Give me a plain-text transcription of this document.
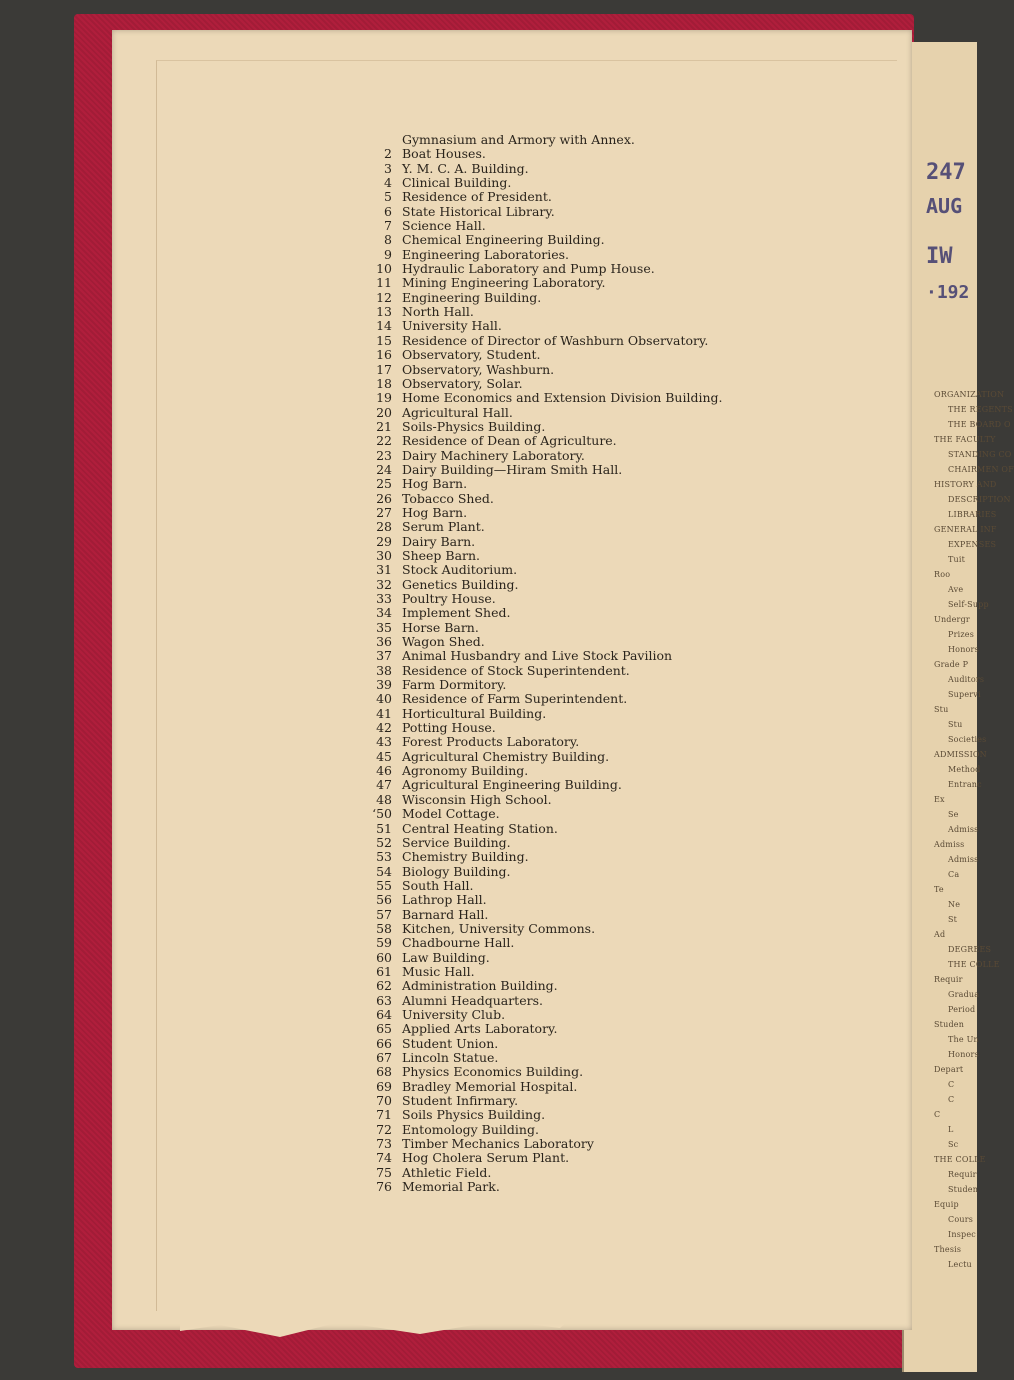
247
AUG
IW
·192
ORGANIZATION
THE REGENTS
THE BOARD O
THE FACULTY
STANDING CO
CHAIRMEN OF
HISTORY AND
DESCRIPTION
LIBRARIES
GENERAL INF
EXPENSES
Tuit
Roo
Ave
Self-Supp
Undergr
Prizes
Honors
Grade P
Auditors
Supervi
Stu
Stu
Societies
ADMISSION
Method
Entranc
Ex
Se
Admiss
Admiss
Admiss
Ca
Te
Ne
St
Ad
DEGREES
THE COLLE
Requir
Gradua
Period
Studen
The Un
Honors
Depart
C
C
C
L
Sc
THE COLLE
Requir
Studen
Equip
Cours
Inspec
Thesis
Lectu
Gymnasium and Armory with Annex.
2 Boat Houses.
3 Y. M. C. A. Building.
4 Clinical Building.
5 Residence of President.
6 State Historical Library.
7 Science Hall.
8 Chemical Engineering Building.
9 Engineering Laboratories.
10 Hydraulic Laboratory and Pump House.
11 Mining Engineering Laboratory.
12 Engineering Building.
13 North Hall.
14 University Hall.
15 Residence of Director of Washburn Observatory.
16 Observatory, Student.
17 Observatory, Washburn.
18 Observatory, Solar.
19 Home Economics and Extension Division Building.
20 Agricultural Hall.
21 Soils-Physics Building.
22 Residence of Dean of Agriculture.
23 Dairy Machinery Laboratory.
24 Dairy Building—Hiram Smith Hall.
25 Hog Barn.
26 Tobacco Shed.
27 Hog Barn.
28 Serum Plant.
29 Dairy Barn.
30 Sheep Barn.
31 Stock Auditorium.
32 Genetics Building.
33 Poultry House.
34 Implement Shed.
35 Horse Barn.
36 Wagon Shed.
37 Animal Husbandry and Live Stock Pavilion
38 Residence of Stock Superintendent.
39 Farm Dormitory.
40 Residence of Farm Superintendent.
41 Horticultural Building.
42 Potting House.
43 Forest Products Laboratory.
45 Agricultural Chemistry Building.
46 Agronomy Building.
47 Agricultural Engineering Building.
48 Wisconsin High School.
‘50 Model Cottage.
51 Central Heating Station.
52 Service Building.
53 Chemistry Building.
54 Biology Building.
55 South Hall.
56 Lathrop Hall.
57 Barnard Hall.
58 Kitchen, University Commons.
59 Chadbourne Hall.
60 Law Building.
61 Music Hall.
62 Administration Building.
63 Alumni Headquarters.
64 University Club.
65 Applied Arts Laboratory.
66 Student Union.
67 Lincoln Statue.
68 Physics Economics Building.
69 Bradley Memorial Hospital.
70 Student Infirmary.
71 Soils Physics Building.
72 Entomology Building.
73 Timber Mechanics Laboratory
74 Hog Cholera Serum Plant.
75 Athletic Field.
76 Memorial Park.
